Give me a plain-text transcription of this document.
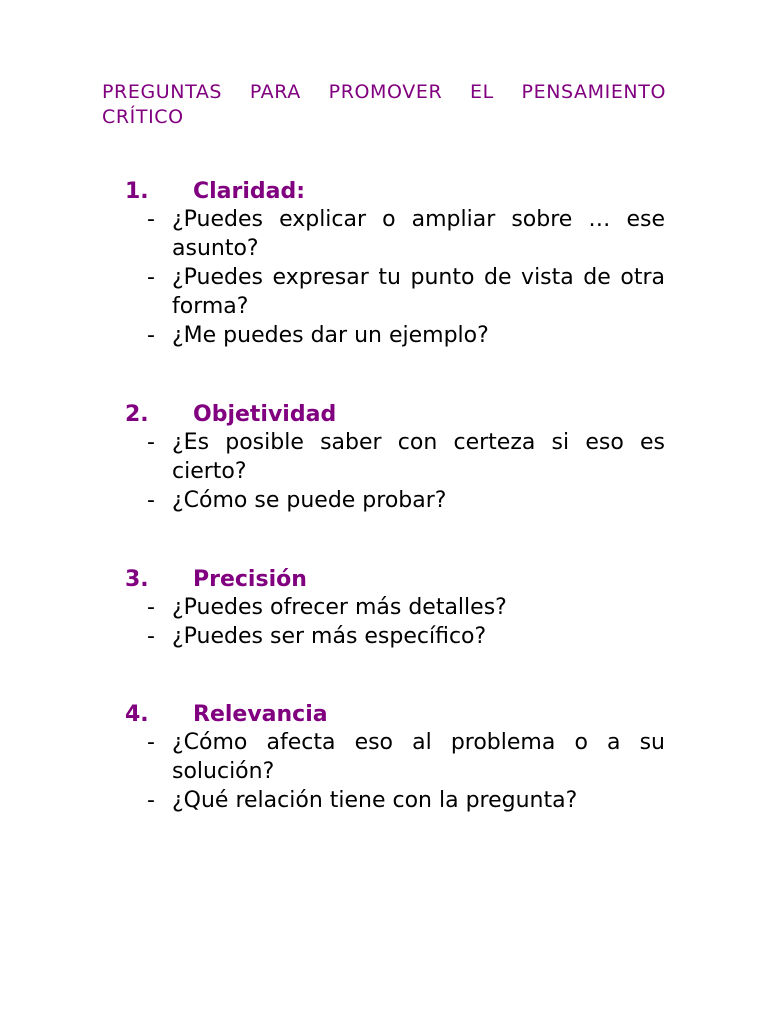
PREGUNTAS PARA PROMOVER EL PENSAMIENTO CRÍTICO
1. Claridad:
- ¿Puedes explicar o ampliar sobre … ese asunto?
- ¿Puedes expresar tu punto de vista de otra forma?
- ¿Me puedes dar un ejemplo?
2. Objetividad
- ¿Es posible saber con certeza si eso es cierto?
- ¿Cómo se puede probar?
3. Precisión
- ¿Puedes ofrecer más detalles?
- ¿Puedes ser más específico?
4. Relevancia
- ¿Cómo afecta eso al problema o a su solución?
- ¿Qué relación tiene con la pregunta?
